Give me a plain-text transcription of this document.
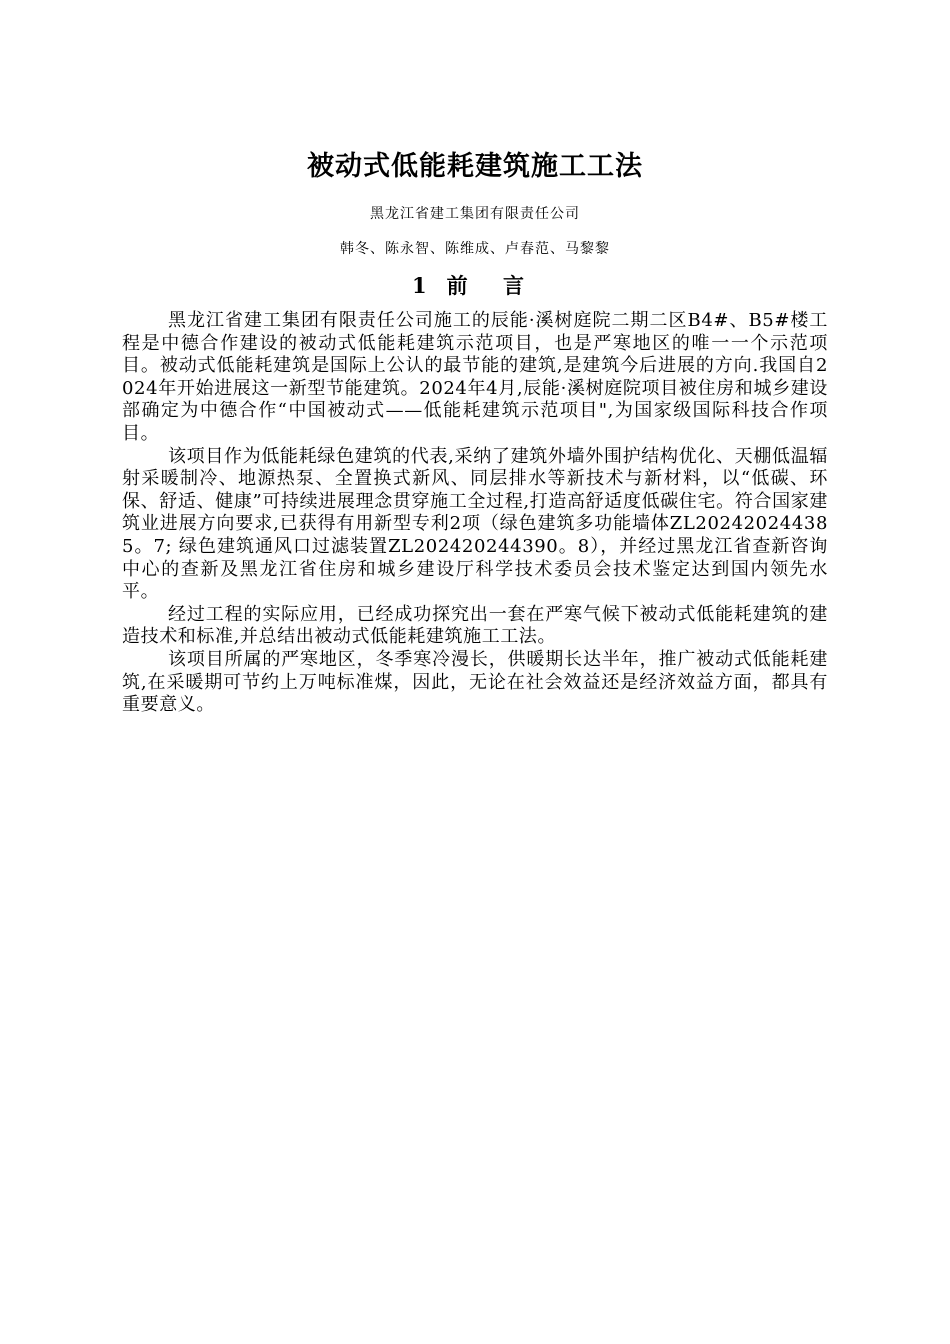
被动式低能耗建筑施工工法
黑龙江省建工集团有限责任公司
韩冬、陈永智、陈维成、卢春范、马黎黎
1 前 言

黑龙江省建工集团有限责任公司施工的辰能·溪树庭院二期二区B4#、B5#楼工程是中德合作建设的被动式低能耗建筑示范项目，也是严寒地区的唯一一个示范项目。被动式低能耗建筑是国际上公认的最节能的建筑,是建筑今后进展的方向.我国自2024年开始进展这一新型节能建筑。2024年4月,辰能·溪树庭院项目被住房和城乡建设部确定为中德合作“中国被动式——低能耗建筑示范项目",为国家级国际科技合作项目。

该项目作为低能耗绿色建筑的代表,采纳了建筑外墙外围护结构优化、天棚低温辐射采暖制冷、地源热泵、全置换式新风、同层排水等新技术与新材料，以“低碳、环保、舒适、健康”可持续进展理念贯穿施工全过程,打造高舒适度低碳住宅。符合国家建筑业进展方向要求,已获得有用新型专利2项（绿色建筑多功能墙体ZL202420244385。7; 绿色建筑通风口过滤装置ZL202420244390。8），并经过黑龙江省查新咨询中心的查新及黑龙江省住房和城乡建设厅科学技术委员会技术鉴定达到国内领先水平。

经过工程的实际应用，已经成功探究出一套在严寒气候下被动式低能耗建筑的建造技术和标准,并总结出被动式低能耗建筑施工工法。

该项目所属的严寒地区，冬季寒冷漫长，供暖期长达半年，推广被动式低能耗建筑,在采暖期可节约上万吨标准煤，因此，无论在社会效益还是经济效益方面，都具有重要意义。
